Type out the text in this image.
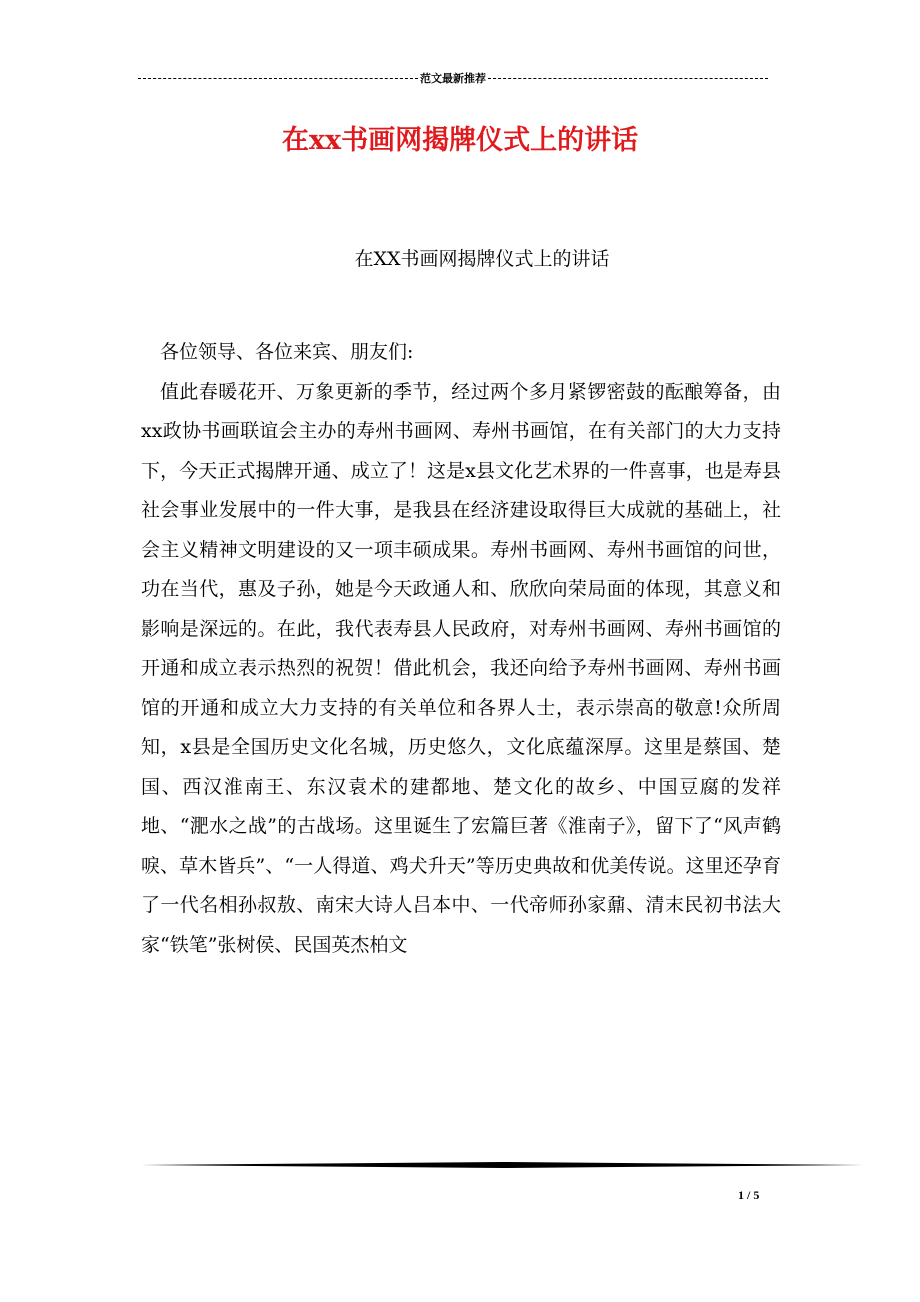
范文最新推荐
在xx书画网揭牌仪式上的讲话
在XX书画网揭牌仪式上的讲话

各位领导、各位来宾、朋友们:

值此春暖花开、万象更新的季节，经过两个多月紧锣密鼓的酝酿筹备，由xx政协书画联谊会主办的寿州书画网、寿州书画馆，在有关部门的大力支持下，今天正式揭牌开通、成立了！这是x县文化艺术界的一件喜事，也是寿县社会事业发展中的一件大事，是我县在经济建设取得巨大成就的基础上，社会主义精神文明建设的又一项丰硕成果。寿州书画网、寿州书画馆的问世，功在当代，惠及子孙，她是今天政通人和、欣欣向荣局面的体现，其意义和影响是深远的。在此，我代表寿县人民政府，对寿州书画网、寿州书画馆的开通和成立表示热烈的祝贺！借此机会，我还向给予寿州书画网、寿州书画馆的开通和成立大力支持的有关单位和各界人士，表示崇高的敬意!众所周知，x县是全国历史文化名城，历史悠久，文化底蕴深厚。这里是蔡国、楚国、西汉淮南王、东汉袁术的建都地、楚文化的故乡、中国豆腐的发祥地、“淝水之战”的古战场。这里诞生了宏篇巨著《淮南子》，留下了“风声鹤唳、草木皆兵”、“一人得道、鸡犬升天”等历史典故和优美传说。这里还孕育了一代名相孙叔敖、南宋大诗人吕本中、一代帝师孙家鼐、清末民初书法大家“铁笔”张树侯、民国英杰柏文

1 / 5
